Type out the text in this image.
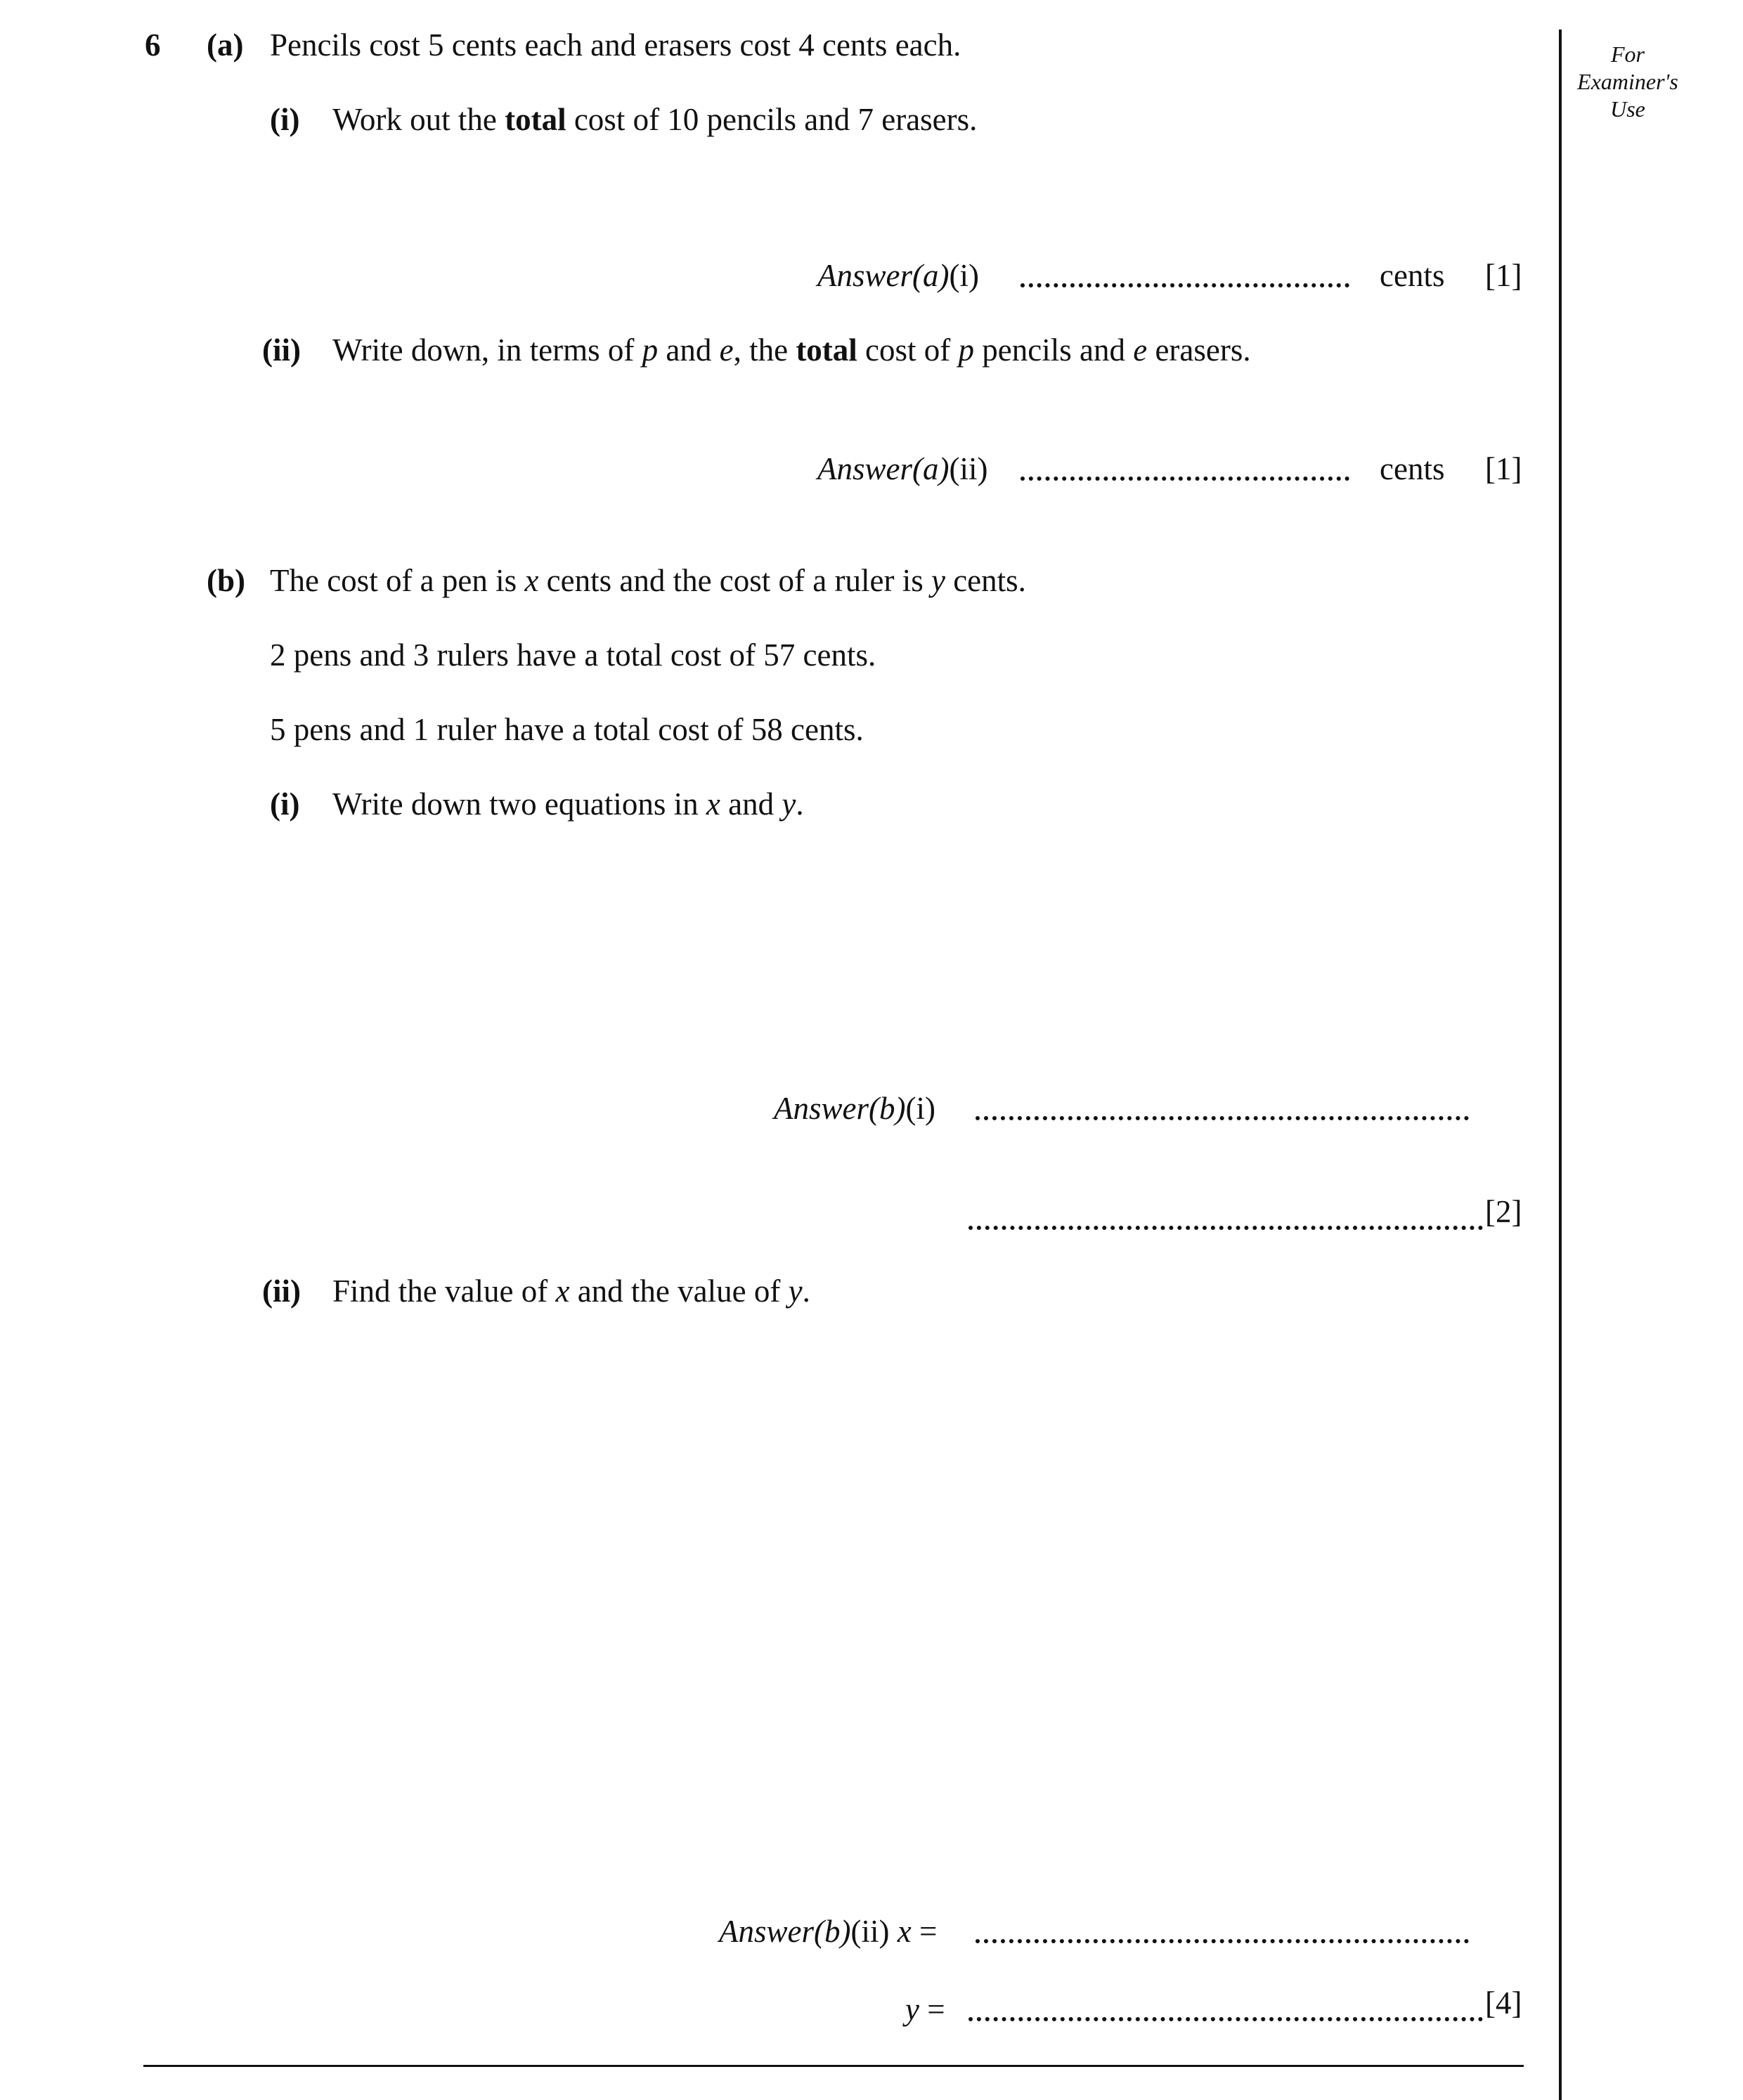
For
Examiner's
Use
6 (a) Pencils cost 5 cents each and erasers cost 4 cents each.
(i) Work out the total cost of 10 pencils and 7 erasers.
Answer(a)(i)	cents [1]
(ii) Write down, in terms of p and e, the total cost of p pencils and e erasers.
Answer(a)(ii)	cents [1]
(b) The cost of a pen is x cents and the cost of a ruler is y cents.
2 pens and 3 rulers have a total cost of 57 cents.
5 pens and 1 ruler have a total cost of 58 cents.
(i) Write down two equations in x and y.
Answer(b)(i)
[2]
(ii) Find the value of x and the value of y.
Answer(b)(ii) x =
y =	[4]
